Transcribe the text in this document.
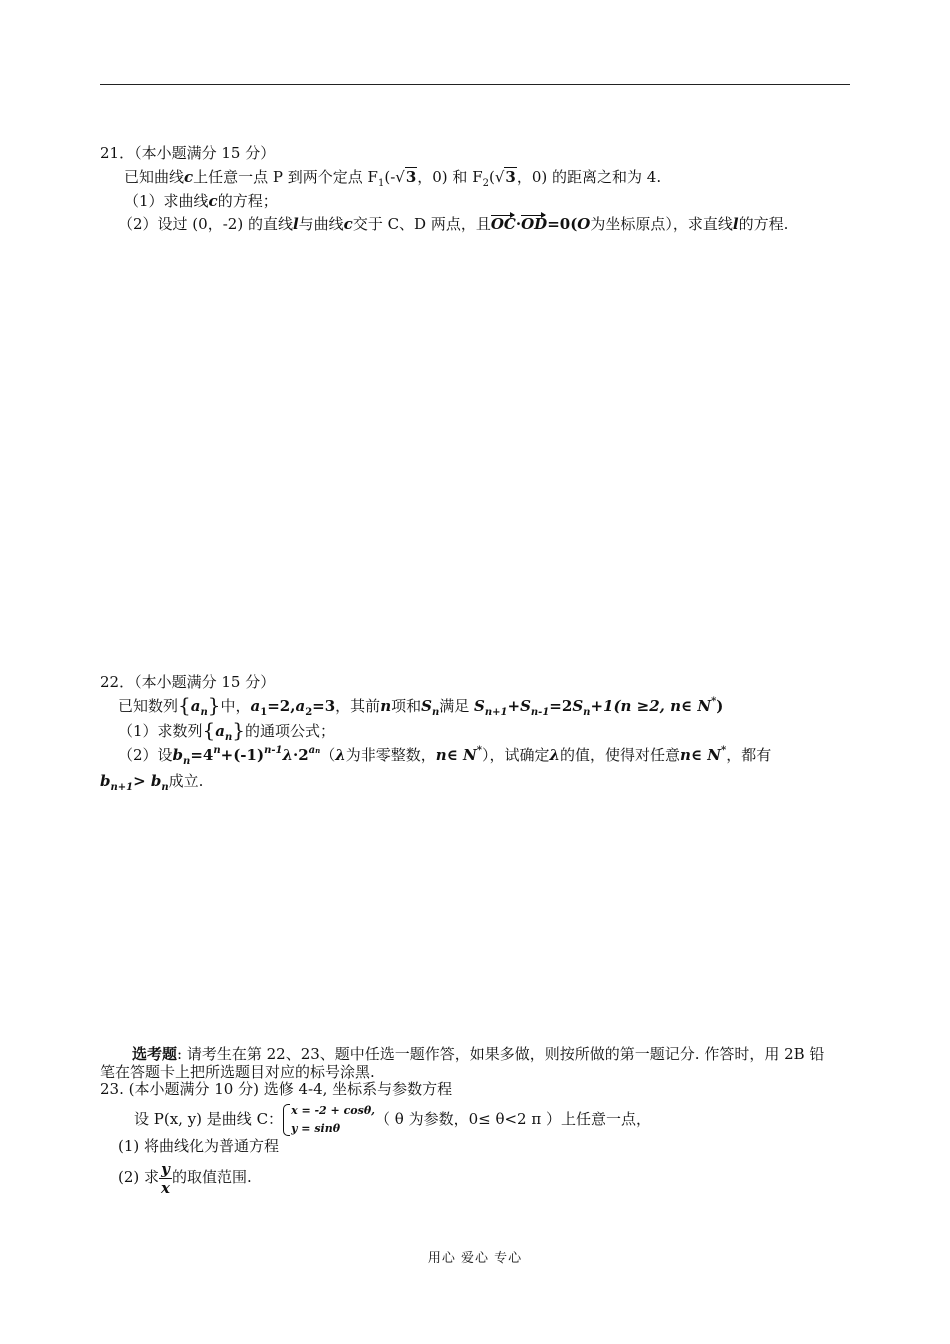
21．（本小题满分 15 分）
已知曲线c上任意一点 P 到两个定点 $F_1(-√3$，0) 和 $F_2(√3$，0) 的距离之和为 4.
（1）求曲线c的方程；
（2）设过 (0，-2) 的直线l与曲线c交于 C、D 两点，且OC·OD=0(O为坐标原点），求直线l的方程.
22．（本小题满分 15 分）
已知数列$\{a_n\}$中，$a_1=2,a_2=3$，其前n项和$S_n$满足 $S_{n+1}+S_{n-1}=2S_n+1(n \ge 2$, n∈ N*)
（1）求数列$\{a_n\}$的通项公式；
（2）设$b_n=4^n+(-1)^{n-1}\lambda\cdot 2^{an}(\lambda$为非零整数，n∈ N*），试确定λ的值，使得对任意n∈ N*，都有
$b_{n+1}> b_n$成立.
选考题: 请考生在第 22、23、题中任选一题作答，如果多做，则按所做的第一题记分. 作答时，用 2B 铅
笔在答题卡上把所选题目对应的标号涂黑.
23. (本小题满分 10 分) 选修 4-4, 坐标系与参数方程
设 P(x, y) 是曲线 C： x = -2 + cosθ,
y = sinθ
（ θ 为参数，0≤ θ<2 π ）上任意一点，
(1) 将曲线化为普通方程
(2) 求 $\frac{y}{x}$ 的取值范围.
用心 爱心 专心
